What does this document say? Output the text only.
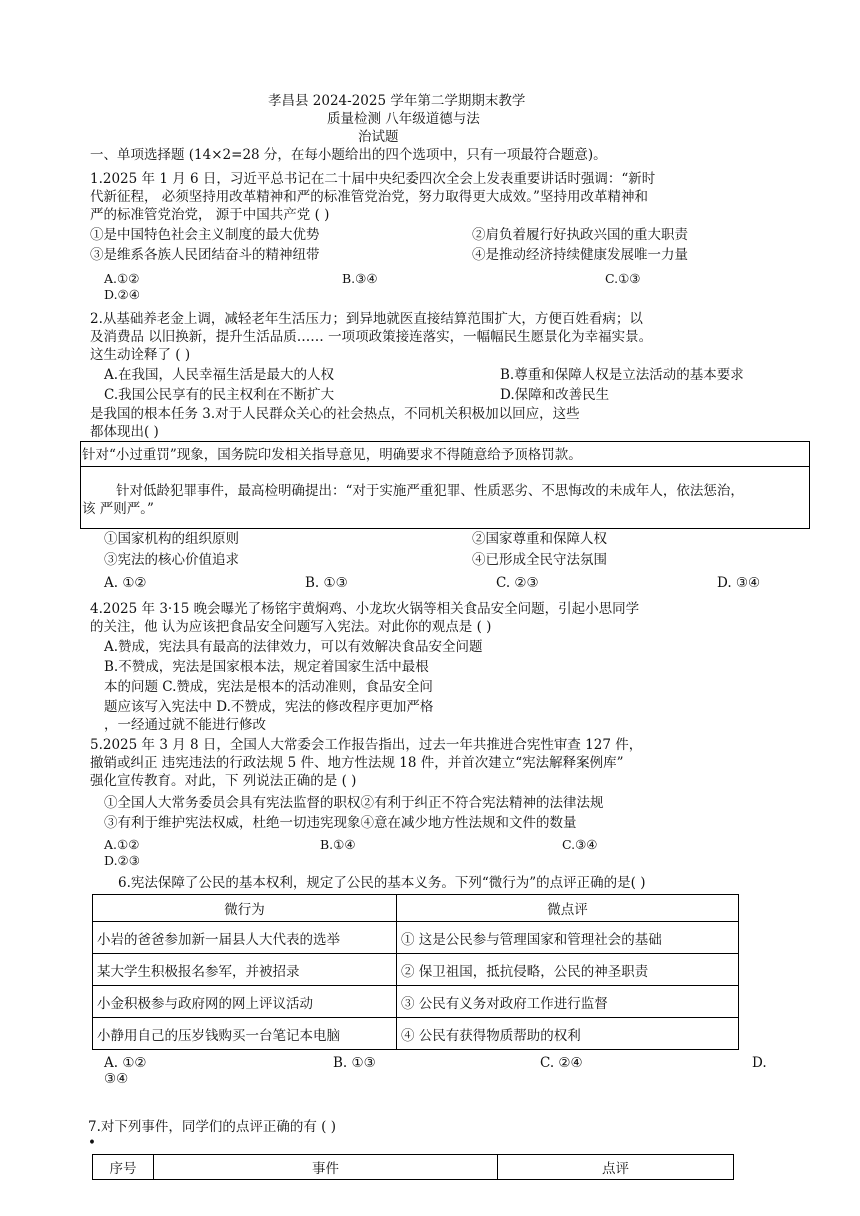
孝昌县 2024-2025 学年第二学期期末教学
质量检测 八年级道德与法
治试题
一、单项选择题 (14×2=28 分，在每小题给出的四个选项中，只有一项最符合题意)。
1.2025 年 1 月 6 日，习近平总书记在二十届中央纪委四次全会上发表重要讲话时强调：“新时
代新征程， 必须坚持用改革精神和严的标准管党治党，努力取得更大成效。”坚持用改革精神和
严的标准管党治党， 源于中国共产党 ( )
①是中国特色社会主义制度的最大优势	②肩负着履行好执政兴国的重大职责
③是维系各族人民团结奋斗的精神纽带	④是推动经济持续健康发展唯一力量
A.①②	B.③④	C.①③
D.②④
2.从基础养老金上调，减轻老年生活压力；到异地就医直接结算范围扩大，方便百姓看病；以
及消费品 以旧换新，提升生活品质…… 一项项政策接连落实，一幅幅民生愿景化为幸福实景。
这生动诠释了 ( )
A.在我国，人民幸福生活是最大的人权	B.尊重和保障人权是立法活动的基本要求
C.我国公民享有的民主权利在不断扩大	D.保障和改善民生
是我国的根本任务 3.对于人民群众关心的社会热点，不同机关积极加以回应，这些
都体现出( )
针对“小过重罚”现象，国务院印发相关指导意见，明确要求不得随意给予顶格罚款。
针对低龄犯罪事件，最高检明确提出：“对于实施严重犯罪、性质恶劣、不思悔改的未成年人，依法惩治，
该 严则严。”
①国家机构的组织原则	②国家尊重和保障人权
③宪法的核心价值追求	④已形成全民守法氛围
A. ①②	B. ①③	C. ②③	D. ③④
4.2025 年 3·15 晚会曝光了杨铭宇黄焖鸡、小龙坎火锅等相关食品安全问题，引起小思同学
的关注，他 认为应该把食品安全问题写入宪法。对此你的观点是 ( )
A.赞成，宪法具有最高的法律效力，可以有效解决食品安全问题
B.不赞成，宪法是国家根本法，规定着国家生活中最根
本的问题 C.赞成，宪法是根本的活动准则，食品安全问
题应该写入宪法中 D.不赞成，宪法的修改程序更加严格
，一经通过就不能进行修改
5.2025 年 3 月 8 日，全国人大常委会工作报告指出，过去一年共推进合宪性审查 127 件，
撤销或纠正 违宪违法的行政法规 5 件、地方性法规 18 件，并首次建立“宪法解释案例库”
强化宣传教育。对此，下 列说法正确的是 ( )
①全国人大常务委员会具有宪法监督的职权②有利于纠正不符合宪法精神的法律法规
③有利于维护宪法权威，杜绝一切违宪现象④意在减少地方性法规和文件的数量
A.①②	B.①④	C.③④
D.②③
6.宪法保障了公民的基本权利，规定了公民的基本义务。下列“微行为”的点评正确的是( )
微行为	微点评
小岩的爸爸参加新一届县人大代表的选举	① 这是公民参与管理国家和管理社会的基础
某大学生积极报名参军，并被招录	② 保卫祖国，抵抗侵略，公民的神圣职责
小金积极参与政府网的网上评议活动	③ 公民有义务对政府工作进行监督
小静用自己的压岁钱购买一台笔记本电脑	④ 公民有获得物质帮助的权利
A. ①②	B. ①③	C. ②④	D.
③④
7.对下列事件，同学们的点评正确的有 ( )
•
序号	事件	点评
